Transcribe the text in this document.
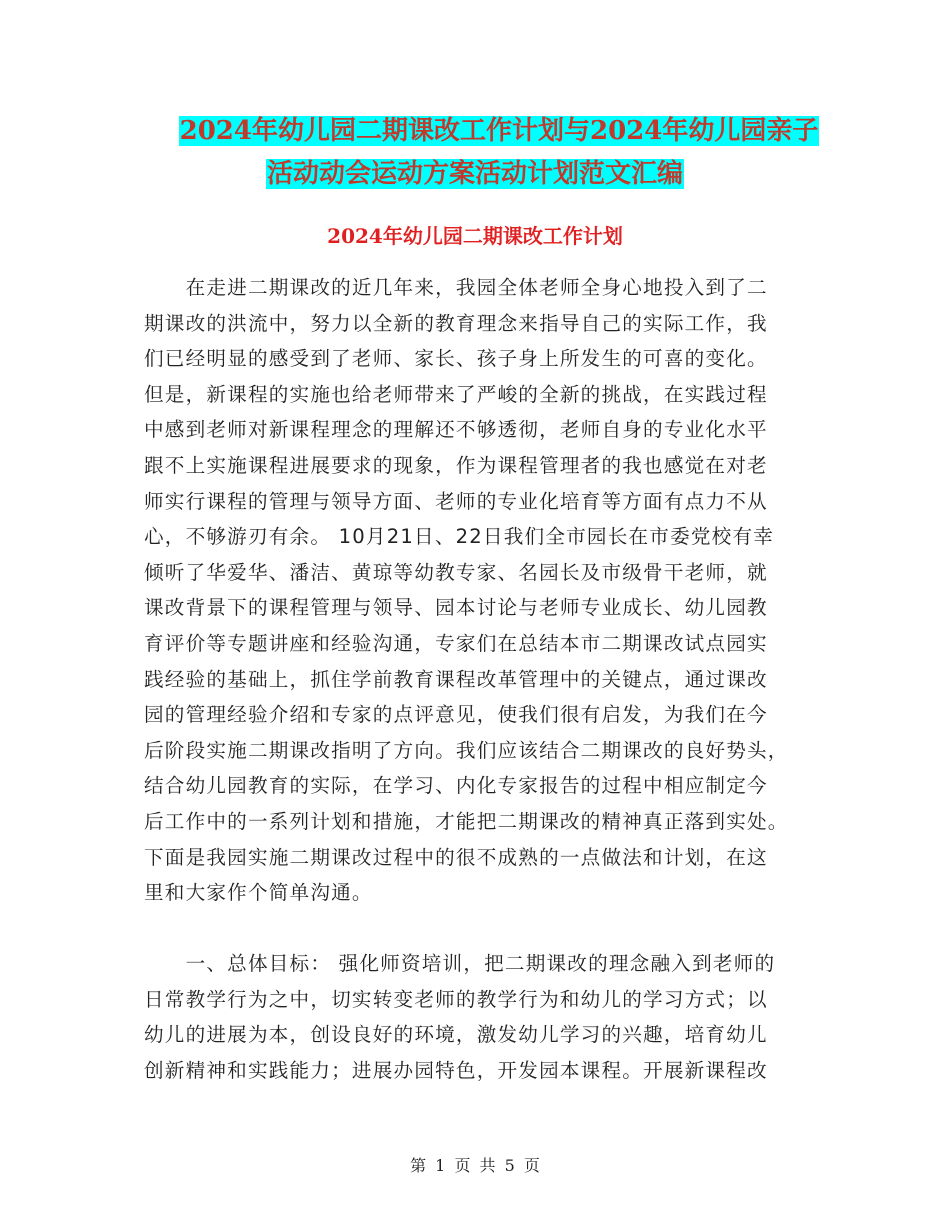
2024年幼儿园二期课改工作计划与2024年幼儿园亲子
活动动会运动方案活动计划范文汇编
2024年幼儿园二期课改工作计划
　　在走进二期课改的近几年来，我园全体老师全身心地投入到了二
期课改的洪流中，努力以全新的教育理念来指导自己的实际工作，我
们已经明显的感受到了老师、家长、孩子身上所发生的可喜的变化。
但是，新课程的实施也给老师带来了严峻的全新的挑战，在实践过程
中感到老师对新课程理念的理解还不够透彻，老师自身的专业化水平
跟不上实施课程进展要求的现象，作为课程管理者的我也感觉在对老
师实行课程的管理与领导方面、老师的专业化培育等方面有点力不从
心，不够游刃有余。 10月21日、22日我们全市园长在市委党校有幸
倾听了华爱华、潘洁、黄琼等幼教专家、名园长及市级骨干老师，就
课改背景下的课程管理与领导、园本讨论与老师专业成长、幼儿园教
育评价等专题讲座和经验沟通，专家们在总结本市二期课改试点园实
践经验的基础上，抓住学前教育课程改革管理中的关键点，通过课改
园的管理经验介绍和专家的点评意见，使我们很有启发，为我们在今
后阶段实施二期课改指明了方向。我们应该结合二期课改的良好势头，
结合幼儿园教育的实际，在学习、内化专家报告的过程中相应制定今
后工作中的一系列计划和措施，才能把二期课改的精神真正落到实处。
下面是我园实施二期课改过程中的很不成熟的一点做法和计划，在这
里和大家作个简单沟通。
　　一、总体目标： 强化师资培训，把二期课改的理念融入到老师的
日常教学行为之中，切实转变老师的教学行为和幼儿的学习方式；以
幼儿的进展为本，创设良好的环境，激发幼儿学习的兴趣，培育幼儿
创新精神和实践能力；进展办园特色，开发园本课程。开展新课程改
第 1 页 共 5 页
